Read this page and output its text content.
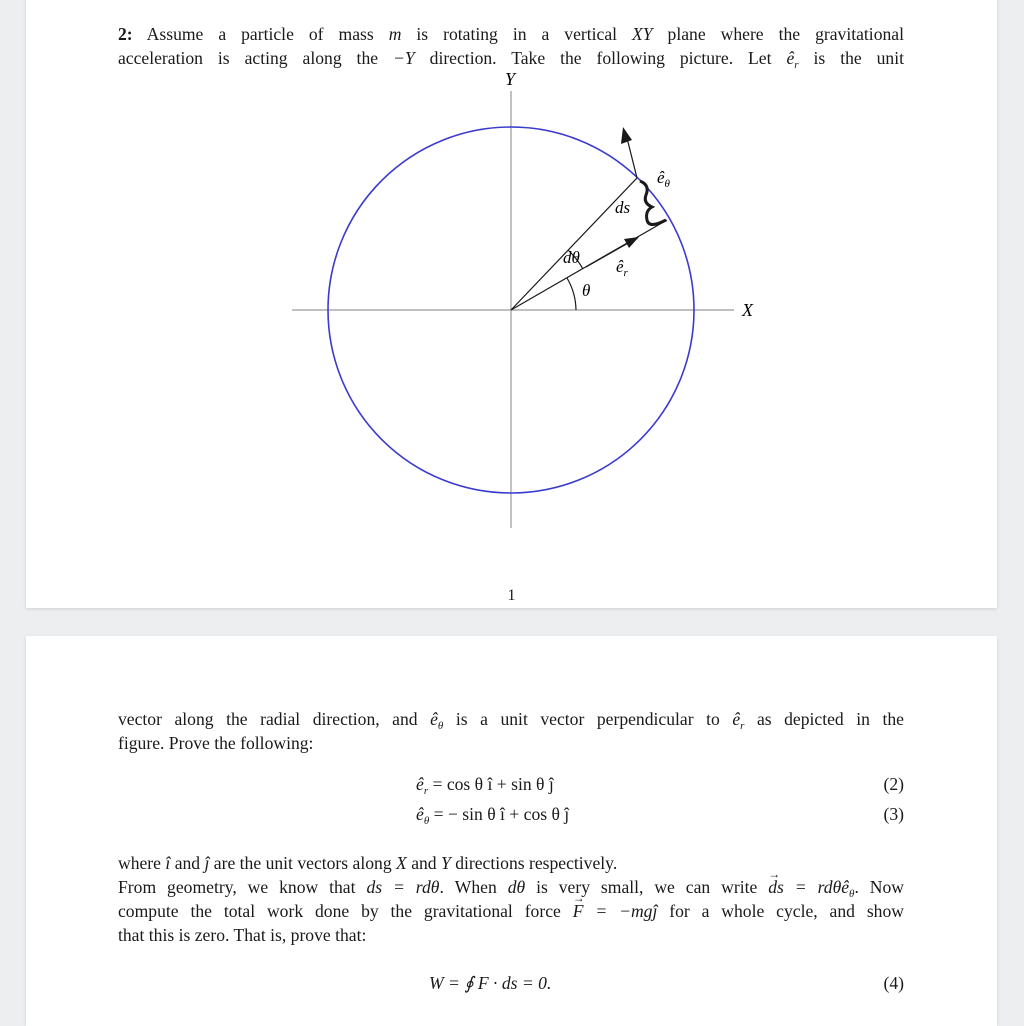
2: Assume a particle of mass m is rotating in a vertical XY plane where the gravitational
acceleration is acting along the −Y direction. Take the following picture. Let $ê_r$ is the unit
Y
X
ds
dθ
θ
$ê_\theta$
$ê_r$
1
vector along the radial direction, and $ê_\theta$ is a unit vector perpendicular to $ê_r$ as depicted in the
figure. Prove the following:
$ê_r = \cos \theta$ î + sin θ ĵ	(2)
$ê_\theta$ = − sin θ î + cos θ ĵ	(3)
where î and ĵ are the unit vectors along X and Y directions respectively.
From geometry, we know that ds = rdθ. When dθ is very small, we can write → ds = rdθê$_\theta$. Now
compute the total work done by the gravitational force → F = −mgĵ for a whole cycle, and show
that this is zero. That is, prove that:
W = ∮ F · ds = 0.	(4)
